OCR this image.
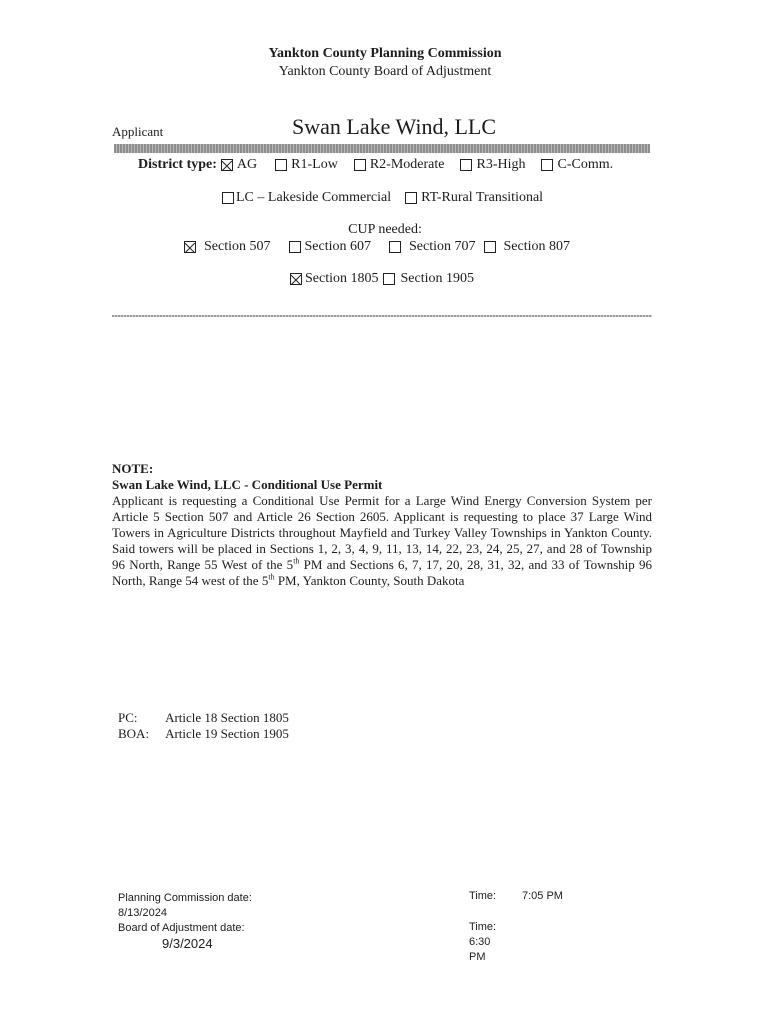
Yankton County Planning Commission
Yankton County Board of Adjustment
Applicant	Swan Lake Wind, LLC
District type: AG R1-Low R2-Moderate R3-High C-Comm.
LC – Lakeside Commercial RT-Rural Transitional
CUP needed:
Section 507 Section 607	Section 707 Section 807
Section 1805 Section 1905

NOTE:

Swan Lake Wind, LLC - Conditional Use Permit

Applicant is requesting a Conditional Use Permit for a Large Wind Energy Conversion System per Article 5 Section 507 and Article 26 Section 2605. Applicant is requesting to place 37 Large Wind Towers in Agriculture Districts throughout Mayfield and Turkey Valley Townships in Yankton County. Said towers will be placed in Sections 1, 2, 3, 4, 9, 11, 13, 14, 22, 23, 24, 25, 27, and 28 of Township 96 North, Range 55 West of the 5th PM and Sections 6, 7, 17, 20, 28, 31, 32, and 33 of Township 96 North, Range 54 west of the 5th PM, Yankton County, South Dakota

PC:	Article 18 Section 1805
BOA:	Article 19 Section 1905
Planning Commission date:
8/13/2024
Board of Adjustment date:
9/3/2024
Time: 7:05 PM
Time:
6:30
PM
